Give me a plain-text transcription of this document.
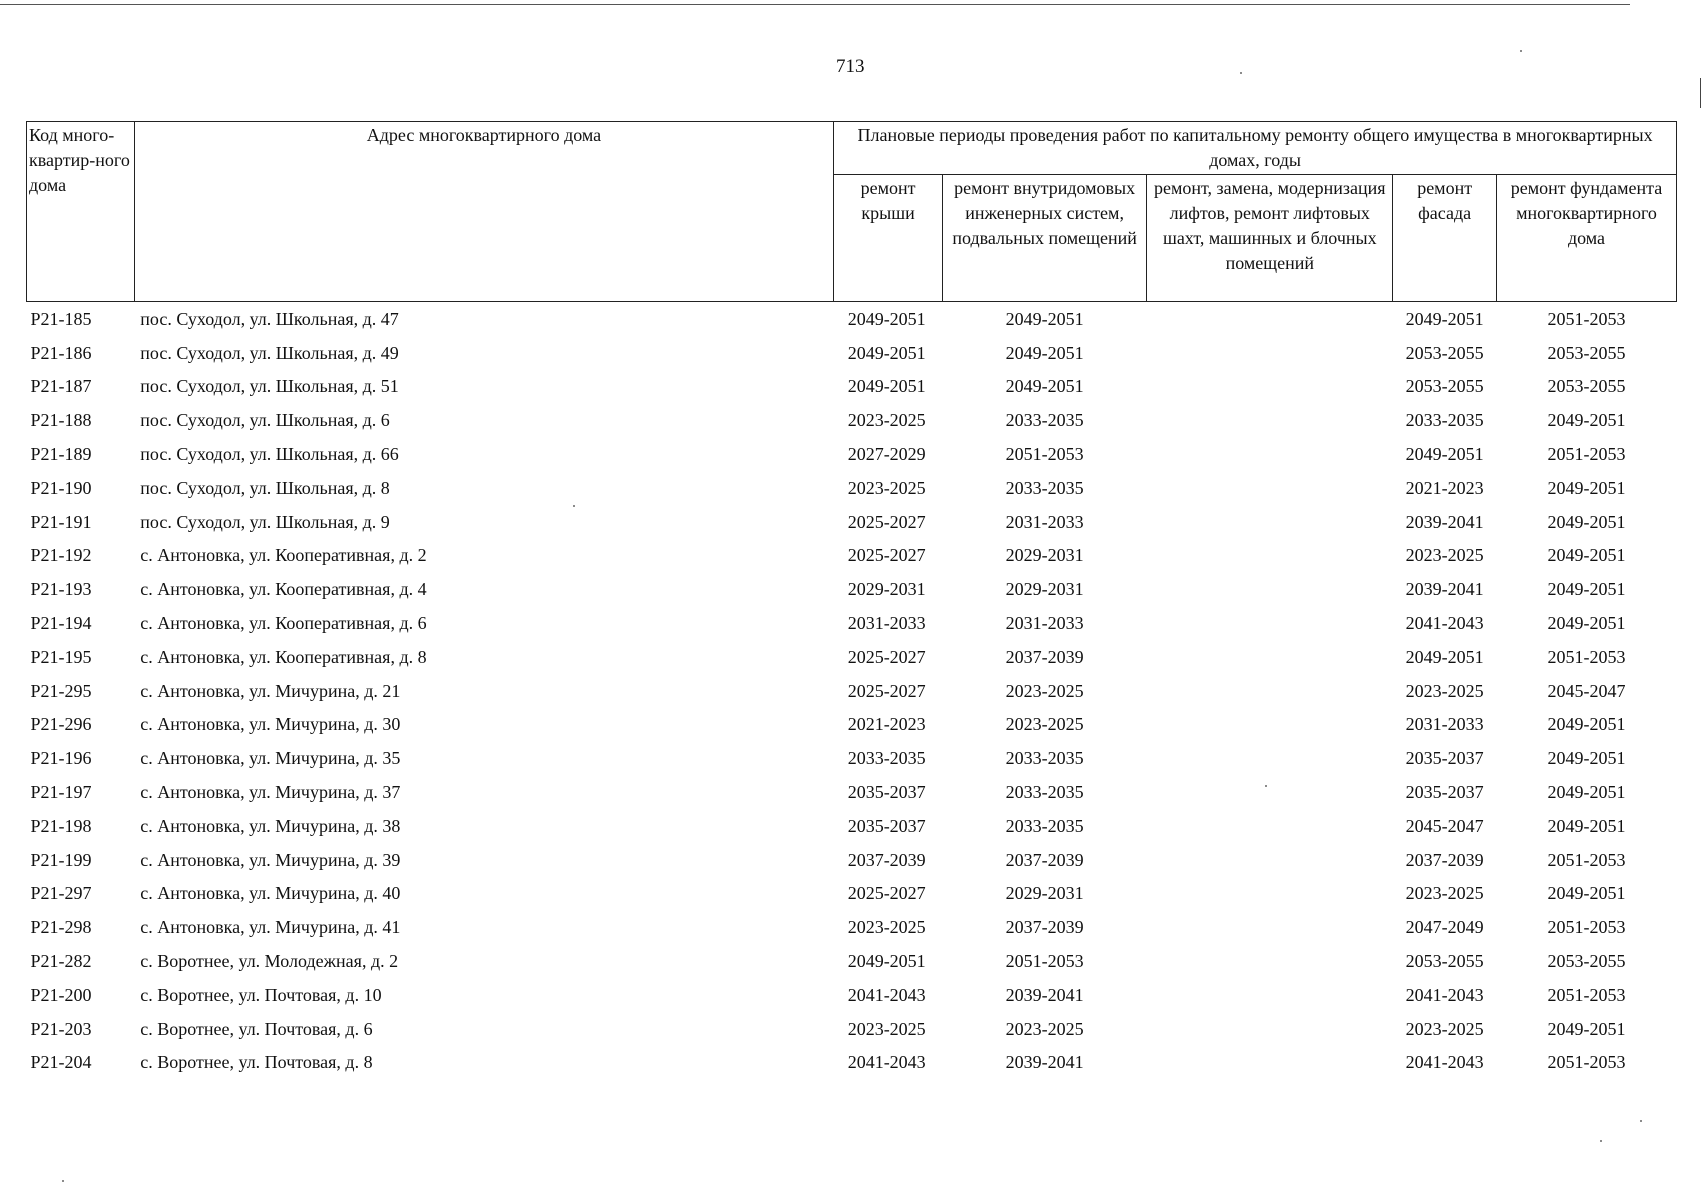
713
Код много-квартир-ного дома	Адрес многоквартирного дома	Плановые периоды проведения работ по капитальному ремонту общего имущества в многоквартирных домах, годы				
		ремонт крыши	ремонт внутридомовых инженерных систем, подвальных помещений	ремонт, замена, модернизация лифтов, ремонт лифтовых шахт, машинных и блочных помещений	ремонт фасада	ремонт фундамента многоквартирного дома
Р21-185	пос. Суходол, ул. Школьная, д. 47	2049-2051	2049-2051		2049-2051	2051-2053
Р21-186	пос. Суходол, ул. Школьная, д. 49	2049-2051	2049-2051		2053-2055	2053-2055
Р21-187	пос. Суходол, ул. Школьная, д. 51	2049-2051	2049-2051		2053-2055	2053-2055
Р21-188	пос. Суходол, ул. Школьная, д. 6	2023-2025	2033-2035		2033-2035	2049-2051
Р21-189	пос. Суходол, ул. Школьная, д. 66	2027-2029	2051-2053		2049-2051	2051-2053
Р21-190	пос. Суходол, ул. Школьная, д. 8	2023-2025	2033-2035		2021-2023	2049-2051
Р21-191	пос. Суходол, ул. Школьная, д. 9	2025-2027	2031-2033		2039-2041	2049-2051
Р21-192	с. Антоновка, ул. Кооперативная, д. 2	2025-2027	2029-2031		2023-2025	2049-2051
Р21-193	с. Антоновка, ул. Кооперативная, д. 4	2029-2031	2029-2031		2039-2041	2049-2051
Р21-194	с. Антоновка, ул. Кооперативная, д. 6	2031-2033	2031-2033		2041-2043	2049-2051
Р21-195	с. Антоновка, ул. Кооперативная, д. 8	2025-2027	2037-2039		2049-2051	2051-2053
Р21-295	с. Антоновка, ул. Мичурина, д. 21	2025-2027	2023-2025		2023-2025	2045-2047
Р21-296	с. Антоновка, ул. Мичурина, д. 30	2021-2023	2023-2025		2031-2033	2049-2051
Р21-196	с. Антоновка, ул. Мичурина, д. 35	2033-2035	2033-2035		2035-2037	2049-2051
Р21-197	с. Антоновка, ул. Мичурина, д. 37	2035-2037	2033-2035		2035-2037	2049-2051
Р21-198	с. Антоновка, ул. Мичурина, д. 38	2035-2037	2033-2035		2045-2047	2049-2051
Р21-199	с. Антоновка, ул. Мичурина, д. 39	2037-2039	2037-2039		2037-2039	2051-2053
Р21-297	с. Антоновка, ул. Мичурина, д. 40	2025-2027	2029-2031		2023-2025	2049-2051
Р21-298	с. Антоновка, ул. Мичурина, д. 41	2023-2025	2037-2039		2047-2049	2051-2053
Р21-282	с. Воротнее, ул. Молодежная, д. 2	2049-2051	2051-2053		2053-2055	2053-2055
Р21-200	с. Воротнее, ул. Почтовая, д. 10	2041-2043	2039-2041		2041-2043	2051-2053
Р21-203	с. Воротнее, ул. Почтовая, д. 6	2023-2025	2023-2025		2023-2025	2049-2051
Р21-204	с. Воротнее, ул. Почтовая, д. 8	2041-2043	2039-2041		2041-2043	2051-2053
